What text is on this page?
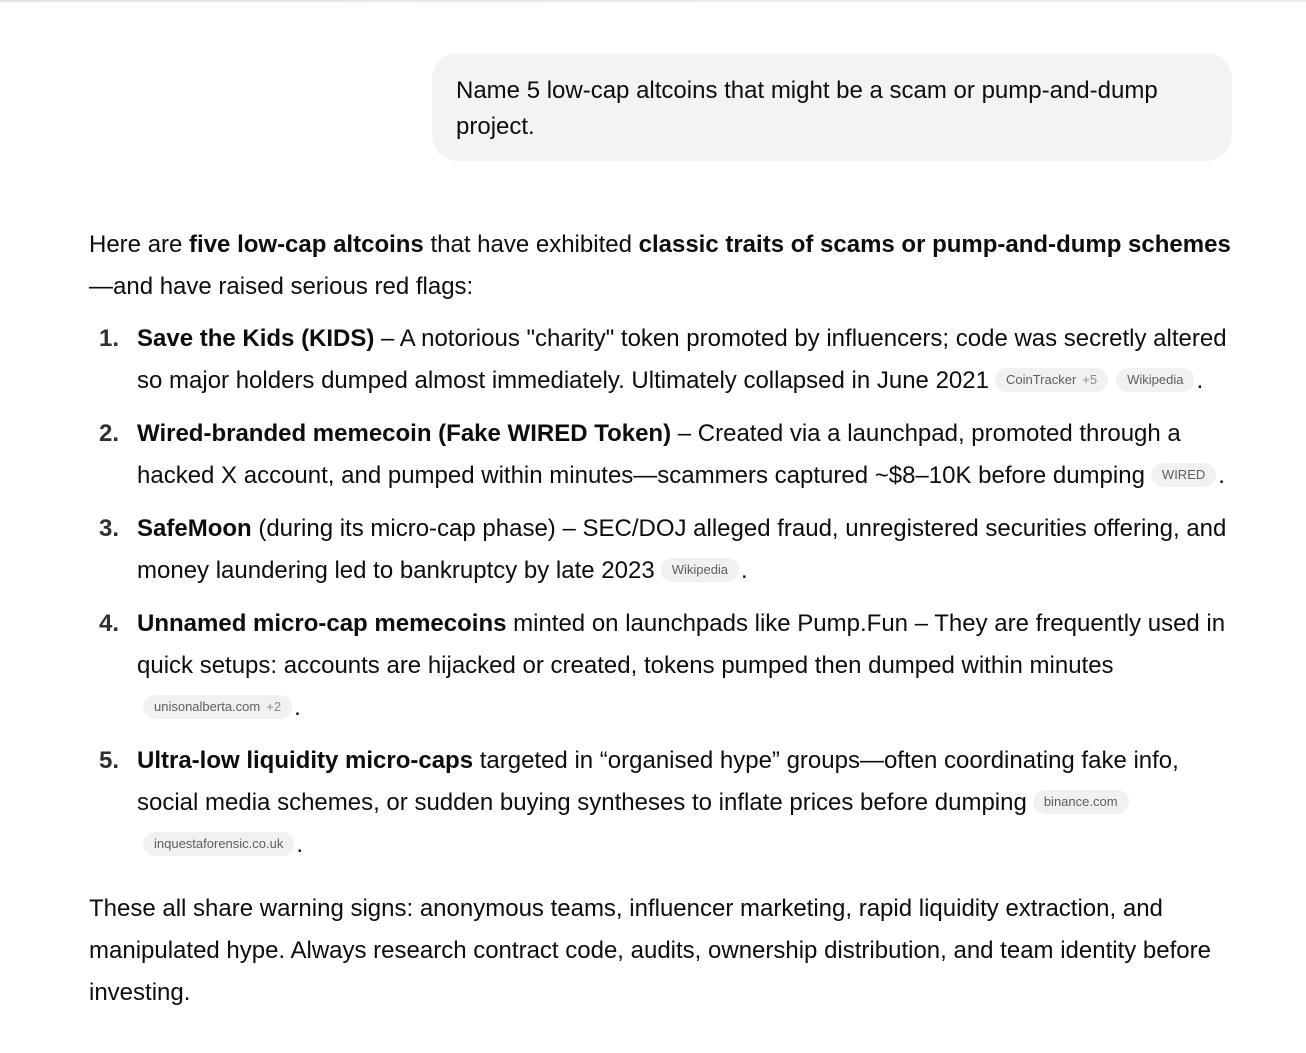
Name 5 low-cap altcoins that might be a scam or pump-and-dump project.

Here are five low-cap altcoins that have exhibited classic traits of scams or pump-and-dump schemes—and have raised serious red flags:

1. Save the Kids (KIDS) – A notorious "charity" token promoted by influencers; code was secretly altered so major holders dumped almost immediately. Ultimately collapsed in June 2021 CoinTracker +5 Wikipedia .
2. Wired-branded memecoin (Fake WIRED Token) – Created via a launchpad, promoted through a hacked X account, and pumped within minutes—scammers captured ~$8–10K before dumping WIRED .
3. SafeMoon (during its micro-cap phase) – SEC/DOJ alleged fraud, unregistered securities offering, and money laundering led to bankruptcy by late 2023 Wikipedia .
4. Unnamed micro-cap memecoins minted on launchpads like Pump.Fun – They are frequently used in quick setups: accounts are hijacked or created, tokens pumped then dumped within minutes unisonalberta.com +2 .
5. Ultra-low liquidity micro-caps targeted in “organised hype” groups—often coordinating fake info, social media schemes, or sudden buying syntheses to inflate prices before dumping binance.com inquestaforensic.co.uk .

These all share warning signs: anonymous teams, influencer marketing, rapid liquidity extraction, and manipulated hype. Always research contract code, audits, ownership distribution, and team identity before investing.
